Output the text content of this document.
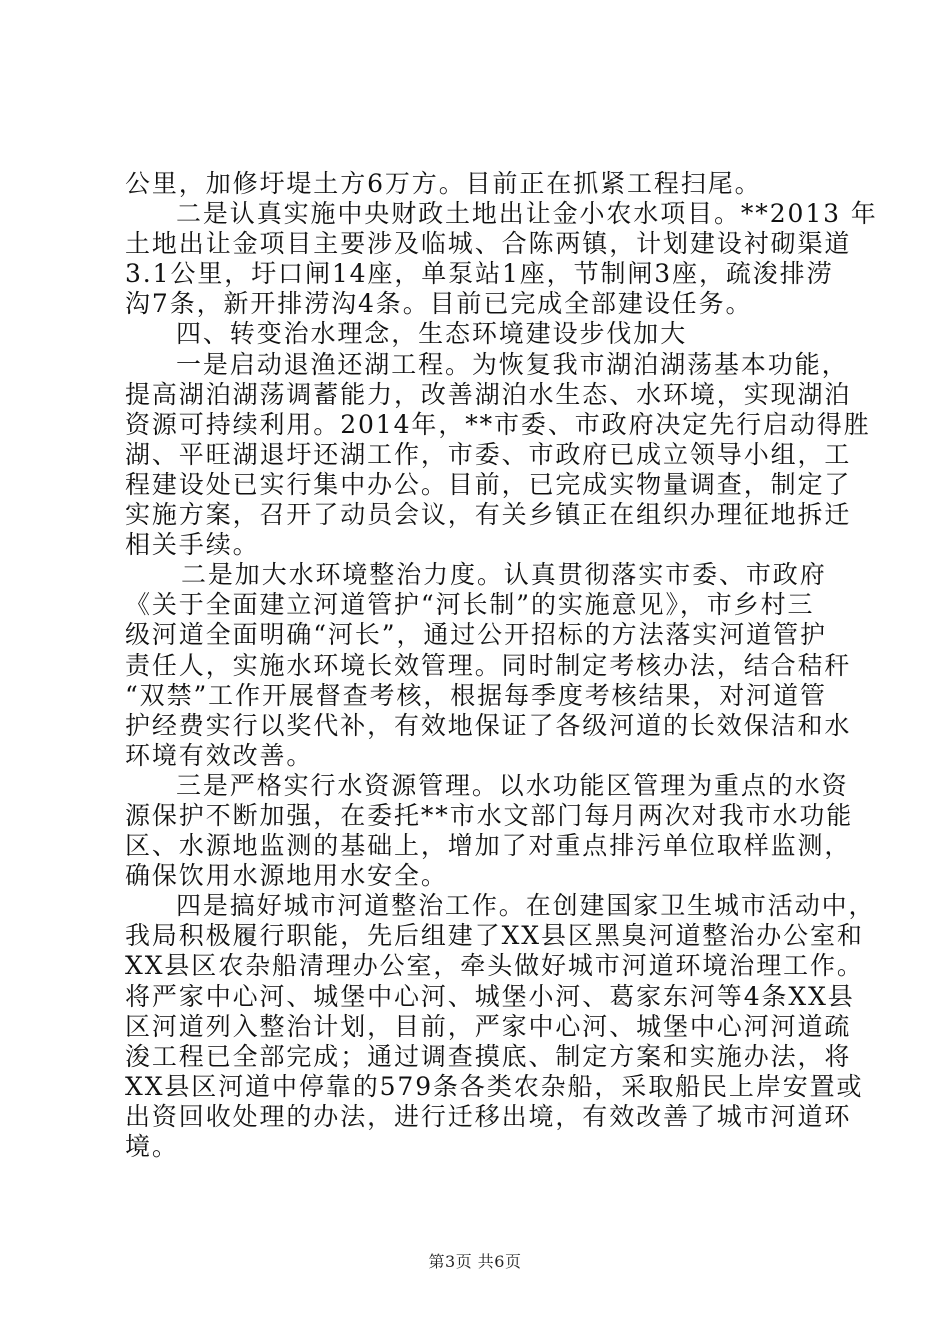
公里，加修圩堤土方6万方。目前正在抓紧工程扫尾。
二是认真实施中央财政土地出让金小农水项目。**2013 年
土地出让金项目主要涉及临城、合陈两镇，计划建设衬砌渠道
3.1公里，圩口闸14座，单泵站1座，节制闸3座，疏浚排涝
沟7条，新开排涝沟4条。目前已完成全部建设任务。
四、转变治水理念，生态环境建设步伐加大
一是启动退渔还湖工程。为恢复我市湖泊湖荡基本功能，
提高湖泊湖荡调蓄能力，改善湖泊水生态、水环境，实现湖泊
资源可持续利用。2014年，**市委、市政府决定先行启动得胜
湖、平旺湖退圩还湖工作，市委、市政府已成立领导小组，工
程建设处已实行集中办公。目前，已完成实物量调查，制定了
实施方案，召开了动员会议，有关乡镇正在组织办理征地拆迁
相关手续。
二是加大水环境整治力度。认真贯彻落实市委、市政府
《关于全面建立河道管护“河长制”的实施意见》，市乡村三
级河道全面明确“河长”，通过公开招标的方法落实河道管护
责任人，实施水环境长效管理。同时制定考核办法，结合秸秆
“双禁”工作开展督查考核，根据每季度考核结果，对河道管
护经费实行以奖代补，有效地保证了各级河道的长效保洁和水
环境有效改善。
三是严格实行水资源管理。以水功能区管理为重点的水资
源保护不断加强，在委托**市水文部门每月两次对我市水功能
区、水源地监测的基础上，增加了对重点排污单位取样监测，
确保饮用水源地用水安全。
四是搞好城市河道整治工作。在创建国家卫生城市活动中，
我局积极履行职能，先后组建了XX县区黑臭河道整治办公室和
XX县区农杂船清理办公室，牵头做好城市河道环境治理工作。
将严家中心河、城堡中心河、城堡小河、葛家东河等4条XX县
区河道列入整治计划，目前，严家中心河、城堡中心河河道疏
浚工程已全部完成；通过调查摸底、制定方案和实施办法，将
XX县区河道中停靠的579条各类农杂船，采取船民上岸安置或
出资回收处理的办法，进行迁移出境，有效改善了城市河道环
境。
第3页 共6页
